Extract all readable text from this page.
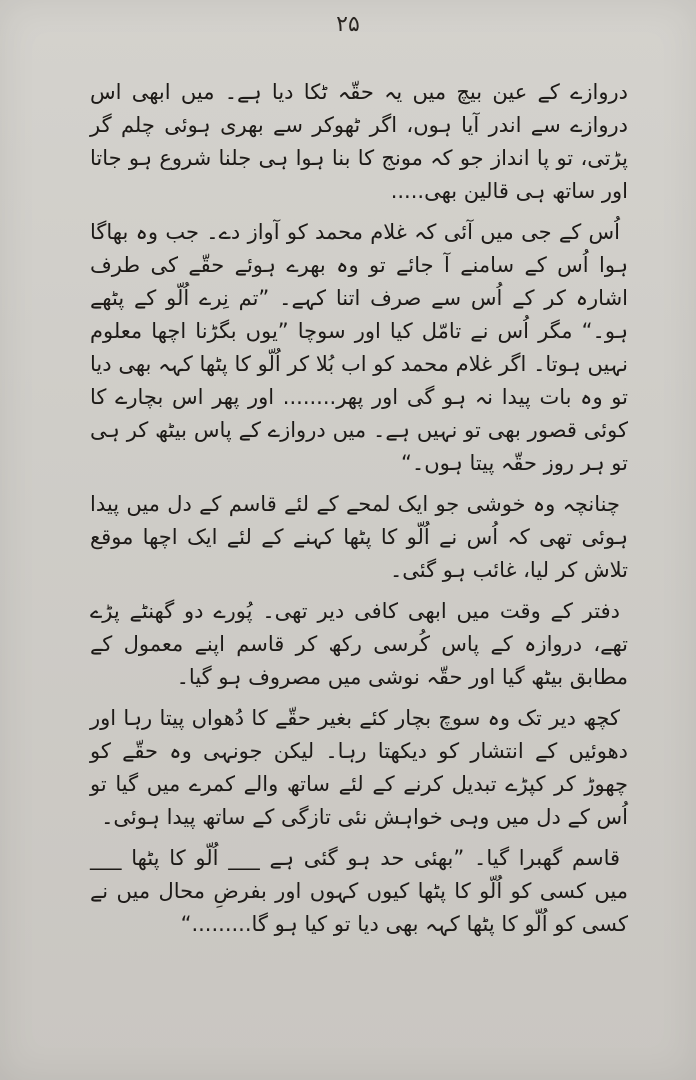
۲۵

دروازے کے عین بیچ میں یہ حقّہ ٹکا دیا ہے۔ میں ابھی اس دروازے سے اندر آیا ہوں، اگر ٹھوکر سے بھری ہوئی چلم گر پڑتی، تو پا انداز جو کہ مونج کا بنا ہوا ہی جلنا شروع ہو جاتا اور ساتھ ہی قالین بھی.....

اُس کے جی میں آئی کہ غلام محمد کو آواز دے۔ جب وہ بھاگا ہوا اُس کے سامنے آ جائے تو وہ بھرے ہوئے حقّے کی طرف اشارہ کر کے اُس سے صرف اتنا کہے۔ ”تم نِرے اُلّو کے پٹھے ہو۔“ مگر اُس نے تامّل کیا اور سوچا ”یوں بگڑنا اچھا معلوم نہیں ہوتا۔ اگر غلام محمد کو اب بُلا کر اُلّو کا پٹھا کہہ بھی دیا تو وہ بات پیدا نہ ہو گی اور پھر........ اور پھر اس بچارے کا کوئی قصور بھی تو نہیں ہے۔ میں دروازے کے پاس بیٹھ کر ہی تو ہر روز حقّہ پیتا ہوں۔“

چنانچہ وہ خوشی جو ایک لمحے کے لئے قاسم کے دل میں پیدا ہوئی تھی کہ اُس نے اُلّو کا پٹھا کہنے کے لئے ایک اچھا موقع تلاش کر لیا، غائب ہو گئی۔

دفتر کے وقت میں ابھی کافی دیر تھی۔ پُورے دو گھنٹے پڑے تھے، دروازہ کے پاس کُرسی رکھ کر قاسم اپنے معمول کے مطابق بیٹھ گیا اور حقّہ نوشی میں مصروف ہو گیا۔

کچھ دیر تک وہ سوچ بچار کئے بغیر حقّے کا دُھواں پیتا رہا اور دھوئیں کے انتشار کو دیکھتا رہا۔ لیکن جونہی وہ حقّے کو چھوڑ کر کپڑے تبدیل کرنے کے لئے ساتھ والے کمرے میں گیا تو اُس کے دل میں وہی خواہش نئی تازگی کے ساتھ پیدا ہوئی۔

قاسم گھبرا گیا۔ ”بھئی حد ہو گئی ہے ___ اُلّو کا پٹھا ___ میں کسی کو اُلّو کا پٹھا کیوں کہوں اور بفرضِ محال میں نے کسی کو اُلّو کا پٹھا کہہ بھی دیا تو کیا ہو گا.........“
